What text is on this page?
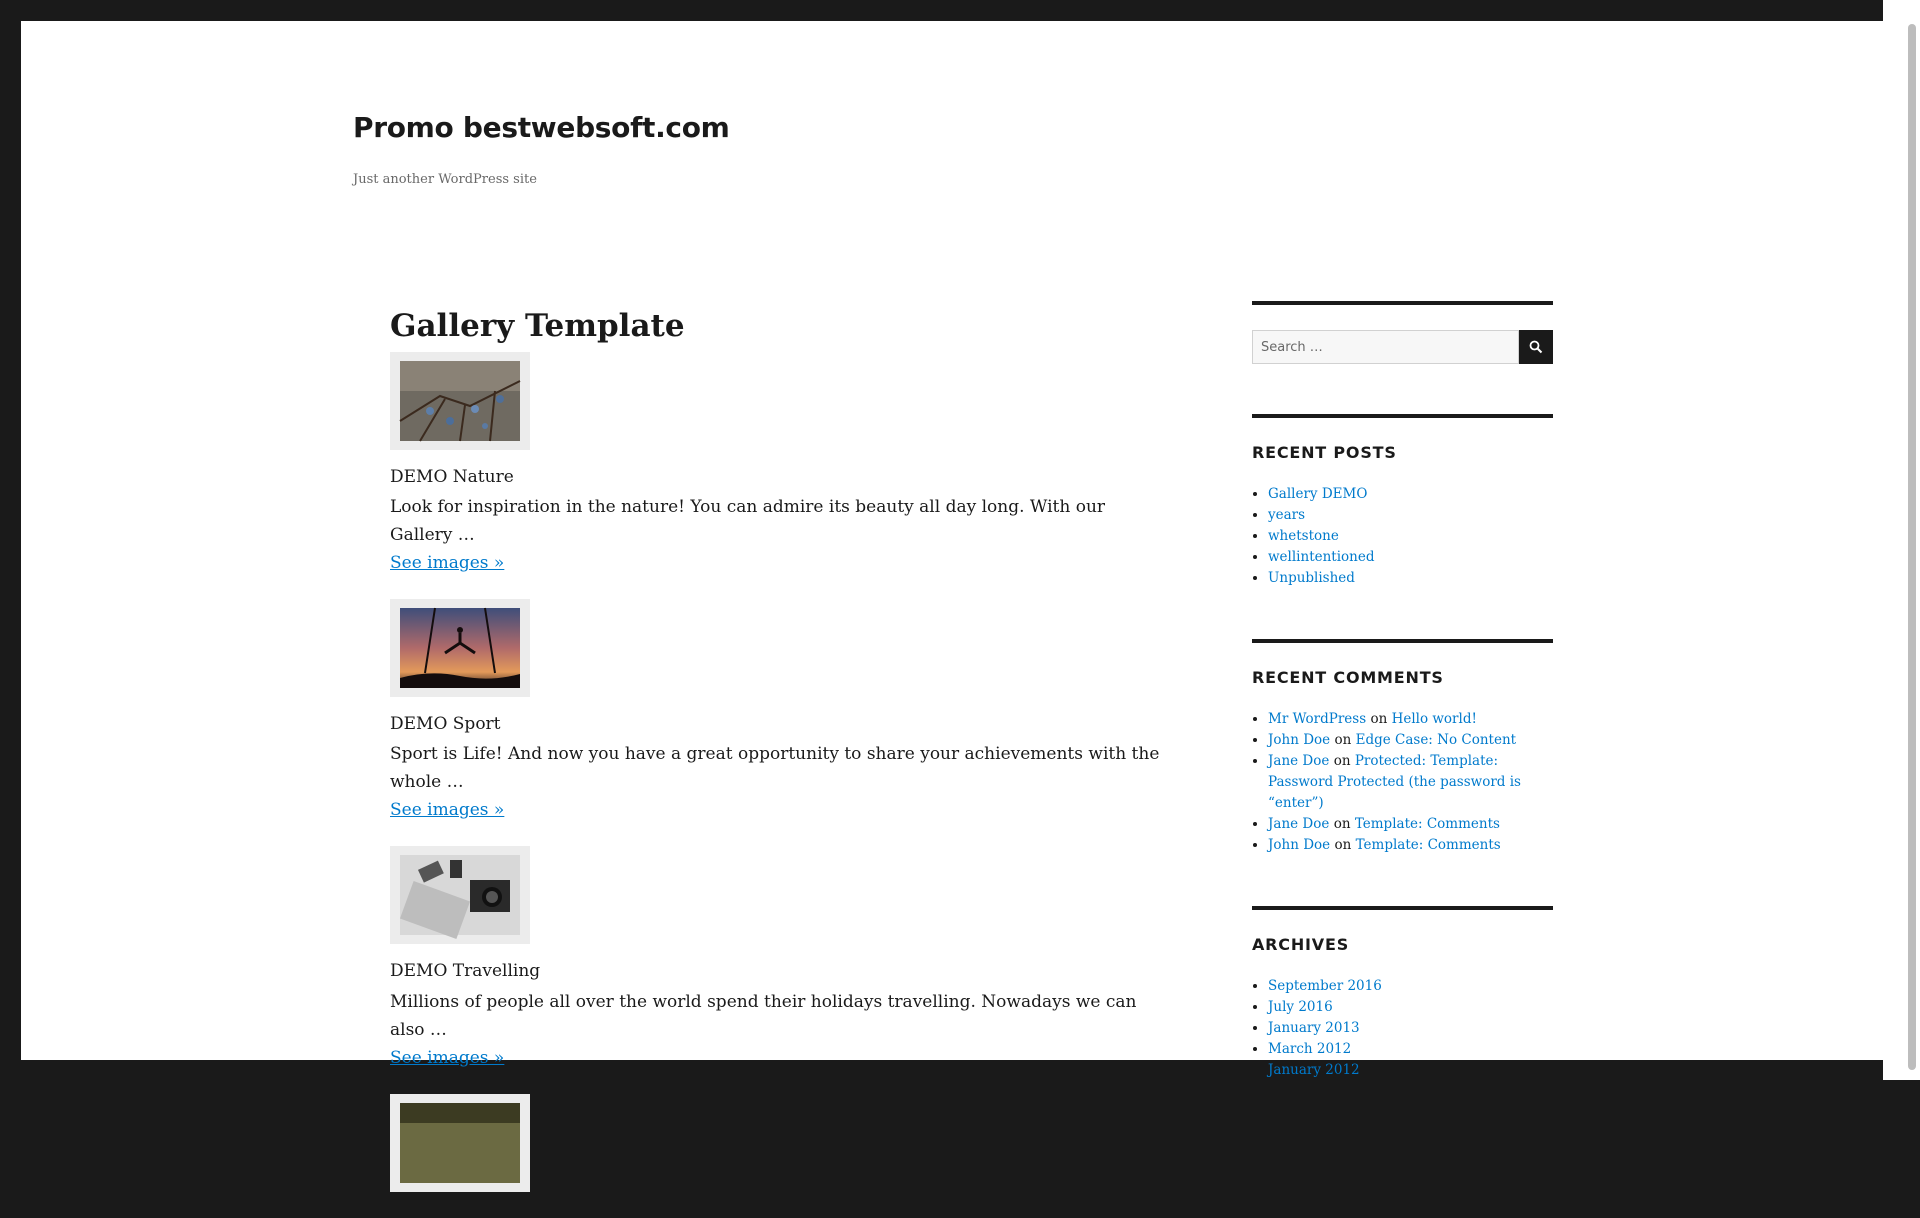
Promo bestwebsoft.com

Just another WordPress site

Gallery Template
DEMO Nature

Look for inspiration in the nature! You can admire its beauty all day long. With our Gallery …

See images »
DEMO Sport

Sport is Life! And now you have a great opportunity to share your achievements with the whole …

See images »
DEMO Travelling

Millions of people all over the world spend their holidays travelling. Nowadays we can also …

See images »
Search …
RECENT POSTS
• Gallery DEMO
• years
• whetstone
• wellintentioned
• Unpublished
RECENT COMMENTS
• Mr WordPress on Hello world!
• John Doe on Edge Case: No Content
• Jane Doe on Protected: Template: Password Protected (the password is “enter”)
• Jane Doe on Template: Comments
• John Doe on Template: Comments
ARCHIVES
• September 2016
• July 2016
• January 2013
• March 2012
• January 2012
